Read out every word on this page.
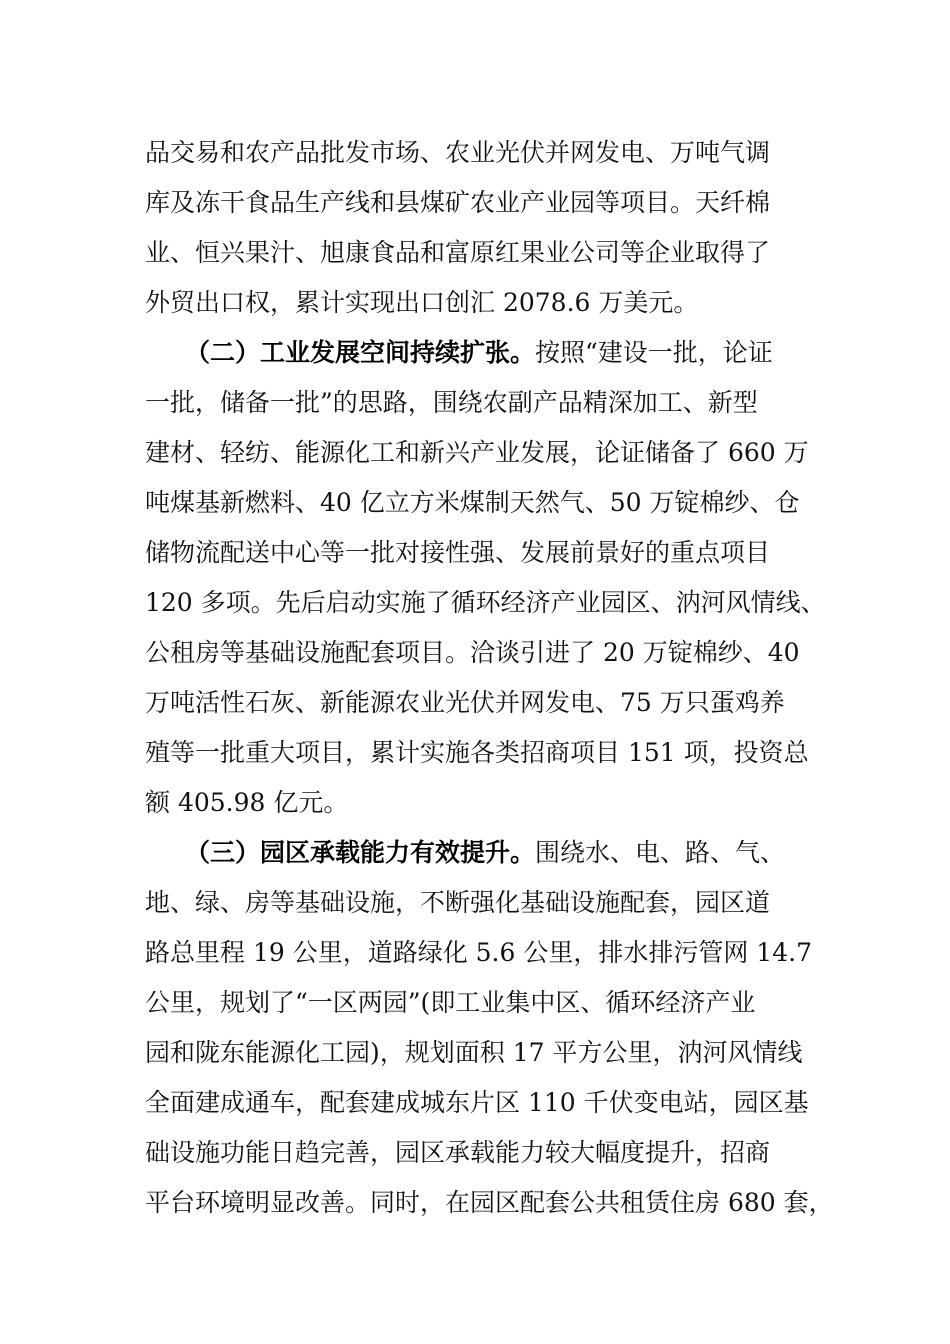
品交易和农产品批发市场、农业光伏并网发电、万吨气调
库及冻干食品生产线和县煤矿农业产业园等项目。天纤棉
业、恒兴果汁、旭康食品和富原红果业公司等企业取得了
外贸出口权，累计实现出口创汇 2078.6 万美元。
（二）工业发展空间持续扩张。按照“建设一批，论证
一批，储备一批”的思路，围绕农副产品精深加工、新型
建材、轻纺、能源化工和新兴产业发展，论证储备了 660 万
吨煤基新燃料、40 亿立方米煤制天然气、50 万锭棉纱、仓
储物流配送中心等一批对接性强、发展前景好的重点项目
120 多项。先后启动实施了循环经济产业园区、汭河风情线、
公租房等基础设施配套项目。洽谈引进了 20 万锭棉纱、40
万吨活性石灰、新能源农业光伏并网发电、75 万只蛋鸡养
殖等一批重大项目，累计实施各类招商项目 151 项，投资总
额 405.98 亿元。
（三）园区承载能力有效提升。围绕水、电、路、气、
地、绿、房等基础设施，不断强化基础设施配套，园区道
路总里程 19 公里，道路绿化 5.6 公里，排水排污管网 14.7
公里，规划了“一区两园”(即工业集中区、循环经济产业
园和陇东能源化工园)，规划面积 17 平方公里，汭河风情线
全面建成通车，配套建成城东片区 110 千伏变电站，园区基
础设施功能日趋完善，园区承载能力较大幅度提升，招商
平台环境明显改善。同时，在园区配套公共租赁住房 680 套，
